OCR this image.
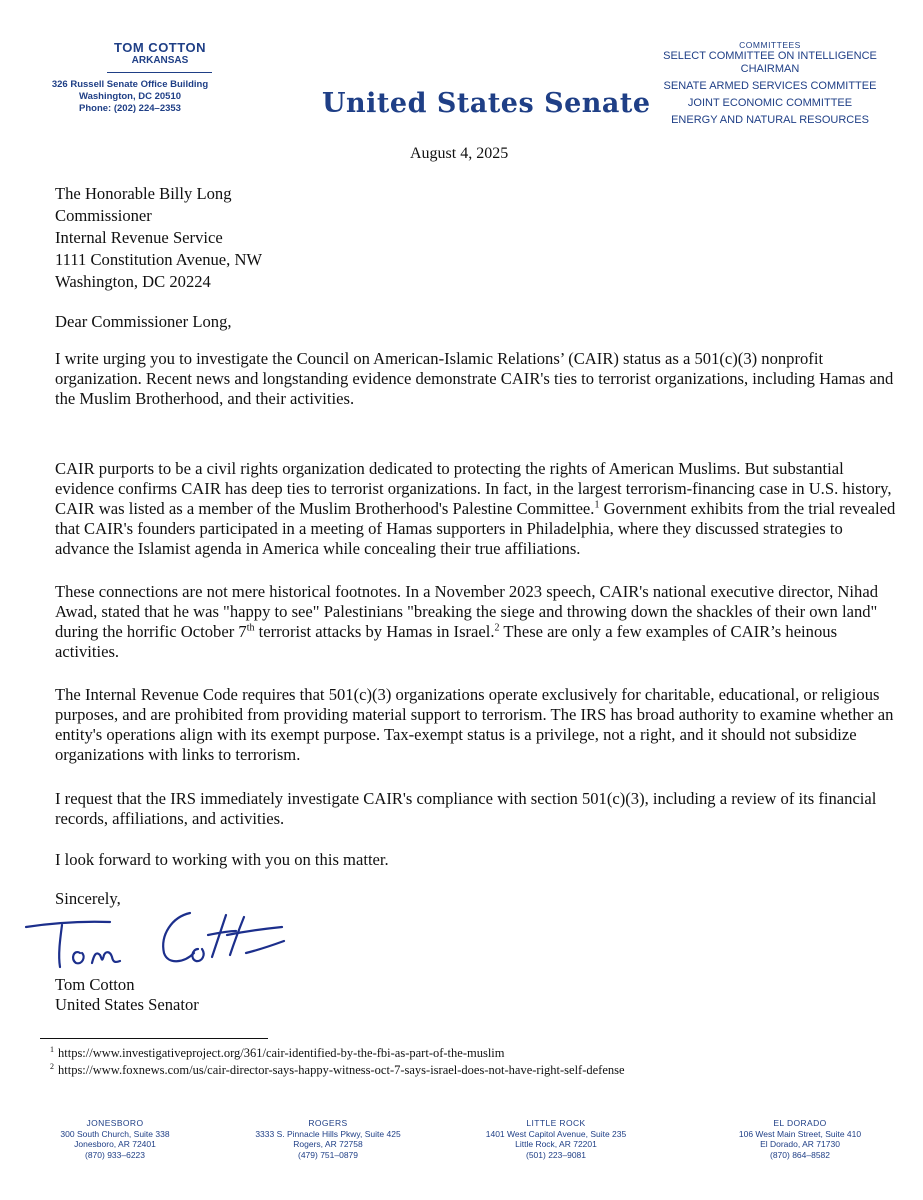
TOM COTTON
ARKANSAS
326 Russell Senate Office Building
Washington, DC 20510
Phone: (202) 224–2353	United States Senate
COMMITTEES
SELECT COMMITTEE ON INTELLIGENCE
CHAIRMAN
SENATE ARMED SERVICES COMMITTEE
JOINT ECONOMIC COMMITTEE
ENERGY AND NATURAL RESOURCES
August 4, 2025
The Honorable Billy Long
Commissioner
Internal Revenue Service
1111 Constitution Avenue, NW
Washington, DC 20224
Dear Commissioner Long,

I write urging you to investigate the Council on American-Islamic Relations’ (CAIR) status as a 501(c)(3) nonprofit organization. Recent news and longstanding evidence demonstrate CAIR's ties to terrorist organizations, including Hamas and the Muslim Brotherhood, and their activities.

CAIR purports to be a civil rights organization dedicated to protecting the rights of American Muslims. But substantial evidence confirms CAIR has deep ties to terrorist organizations. In fact, in the largest terrorism-financing case in U.S. history, CAIR was listed as a member of the Muslim Brotherhood's Palestine Committee.$^1$ Government exhibits from the trial revealed that CAIR's founders participated in a meeting of Hamas supporters in Philadelphia, where they discussed strategies to advance the Islamist agenda in America while concealing their true affiliations.

These connections are not mere historical footnotes. In a November 2023 speech, CAIR's national executive director, Nihad Awad, stated that he was "happy to see" Palestinians "breaking the siege and throwing down the shackles of their own land" during the horrific October 7th terrorist attacks by Hamas in Israel.$^2$ These are only a few examples of CAIR’s heinous activities.

The Internal Revenue Code requires that 501(c)(3) organizations operate exclusively for charitable, educational, or religious purposes, and are prohibited from providing material support to terrorism. The IRS has broad authority to examine whether an entity's operations align with its exempt purpose. Tax-exempt status is a privilege, not a right, and it should not subsidize organizations with links to terrorism.

I request that the IRS immediately investigate CAIR's compliance with section 501(c)(3), including a review of its financial records, affiliations, and activities.

I look forward to working with you on this matter.

Sincerely,
Tom Cotton
United States Senator
$^1$ https://www.investigativeproject.org/361/cair-identified-by-the-fbi-as-part-of-the-muslim
$^2$ https://www.foxnews.com/us/cair-director-says-happy-witness-oct-7-says-israel-does-not-have-right-self-defense
JONESBORO
300 South Church, Suite 338
Jonesboro, AR 72401
(870) 933–6223
ROGERS
3333 S. Pinnacle Hills Pkwy, Suite 425
Rogers, AR 72758
(479) 751–0879
LITTLE ROCK
1401 West Capitol Avenue, Suite 235
Little Rock, AR 72201
(501) 223–9081
EL DORADO
106 West Main Street, Suite 410
El Dorado, AR 71730
(870) 864–8582
